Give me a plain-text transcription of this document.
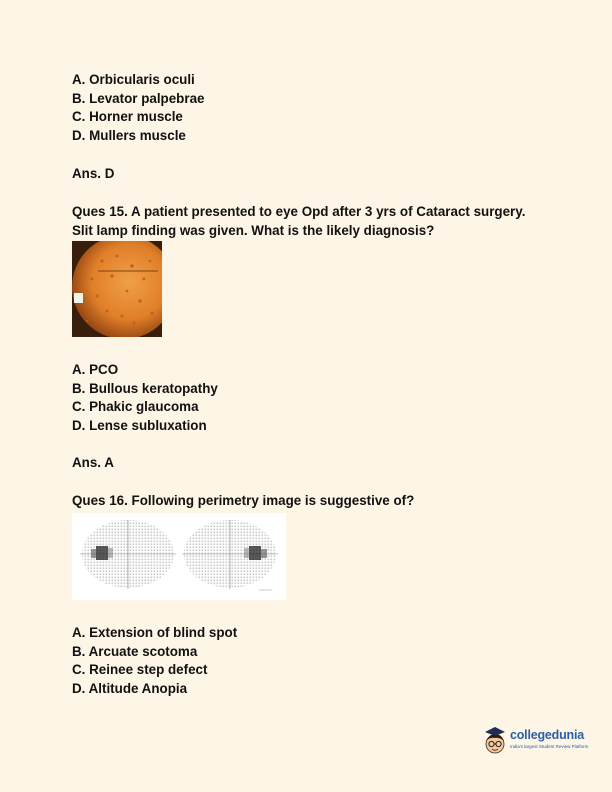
A. Orbicularis oculi
B. Levator palpebrae
C. Horner muscle
D. Mullers muscle
Ans. D
Ques 15. A patient presented to eye Opd after 3 yrs of Cataract surgery.
Slit lamp finding was given. What is the likely diagnosis?
A. PCO
B. Bullous keratopathy
C. Phakic glaucoma
D. Lense subluxation
Ans. A
Ques 16. Following perimetry image is suggestive of?
A. Extension of blind spot
B. Arcuate scotoma
C. Reinee step defect
D. Altitude Anopia
collegedunia
India's largest Student Review Platform
